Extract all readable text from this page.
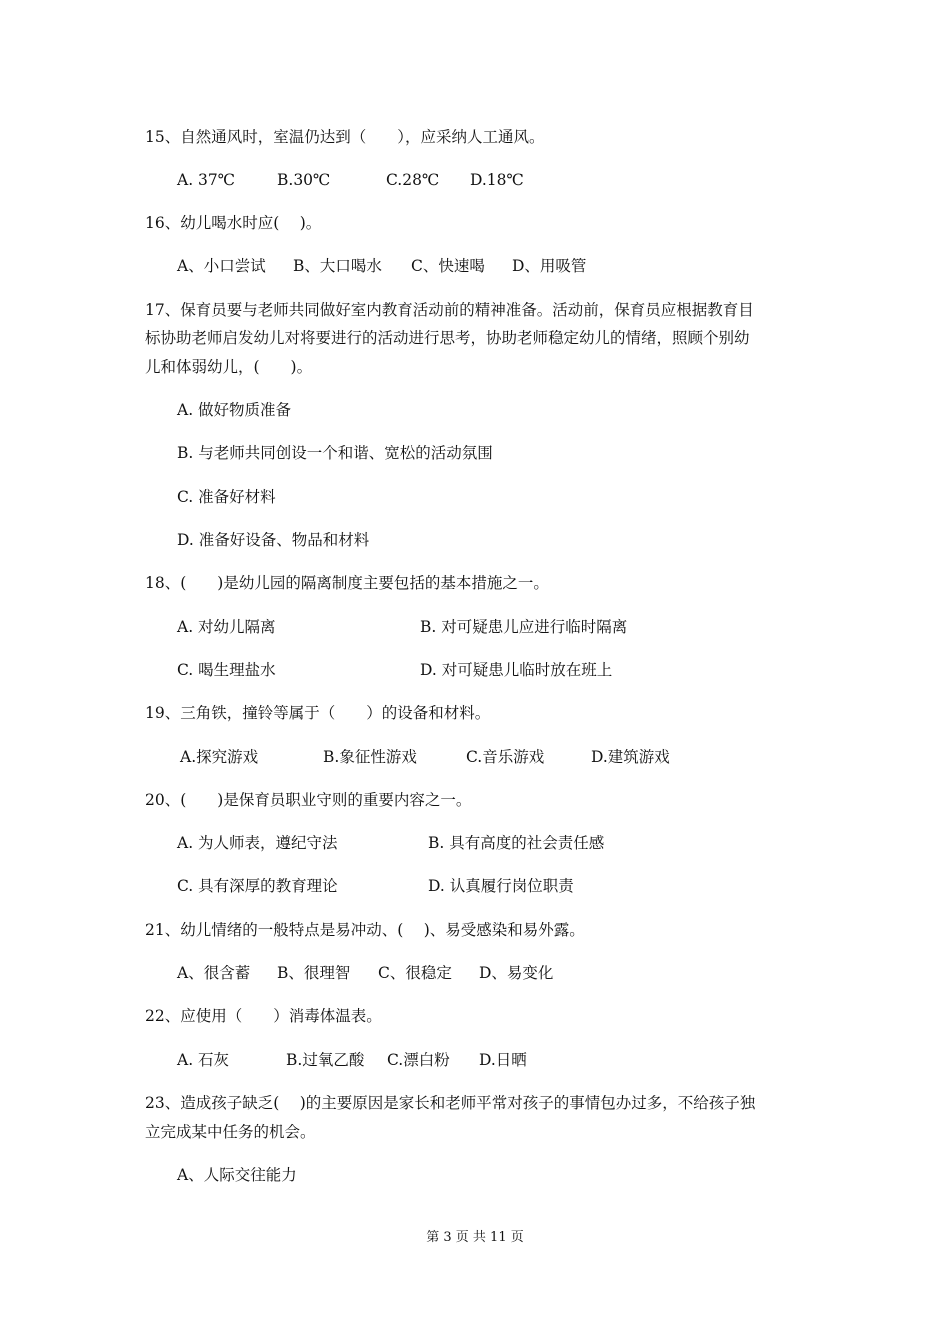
15、自然通风时，室温仍达到（　　），应采纳人工通风。
A. 37℃	B.30℃	C.28℃ D.18℃
16、幼儿喝水时应(　 )。
A、小口尝试 B、大口喝水 C、快速喝 D、用吸管
17、保育员要与老师共同做好室内教育活动前的精神准备。活动前，保育员应根据教育目
标协助老师启发幼儿对将要进行的活动进行思考，协助老师稳定幼儿的情绪，照顾个别幼
儿和体弱幼儿，(　　)。
A. 做好物质准备
B. 与老师共同创设一个和谐、宽松的活动氛围
C. 准备好材料
D. 准备好设备、物品和材料
18、(　　)是幼儿园的隔离制度主要包括的基本措施之一。
A. 对幼儿隔离	B. 对可疑患儿应进行临时隔离
C. 喝生理盐水	D. 对可疑患儿临时放在班上
19、三角铁，撞铃等属于（　　）的设备和材料。
A.探究游戏	B.象征性游戏	C.音乐游戏	D.建筑游戏
20、(　　)是保育员职业守则的重要内容之一。
A. 为人师表，遵纪守法	B. 具有高度的社会责任感
C. 具有深厚的教育理论	D. 认真履行岗位职责
21、幼儿情绪的一般特点是易冲动、(　 )、易受感染和易外露。
A、很含蓄 B、很理智 C、很稳定 D、易变化
22、应使用（　　）消毒体温表。
A. 石灰	B.过氧乙酸 C.漂白粉 D.日晒
23、造成孩子缺乏(　 )的主要原因是家长和老师平常对孩子的事情包办过多，不给孩子独
立完成某中任务的机会。
A、人际交往能力
第 3 页 共 11 页
